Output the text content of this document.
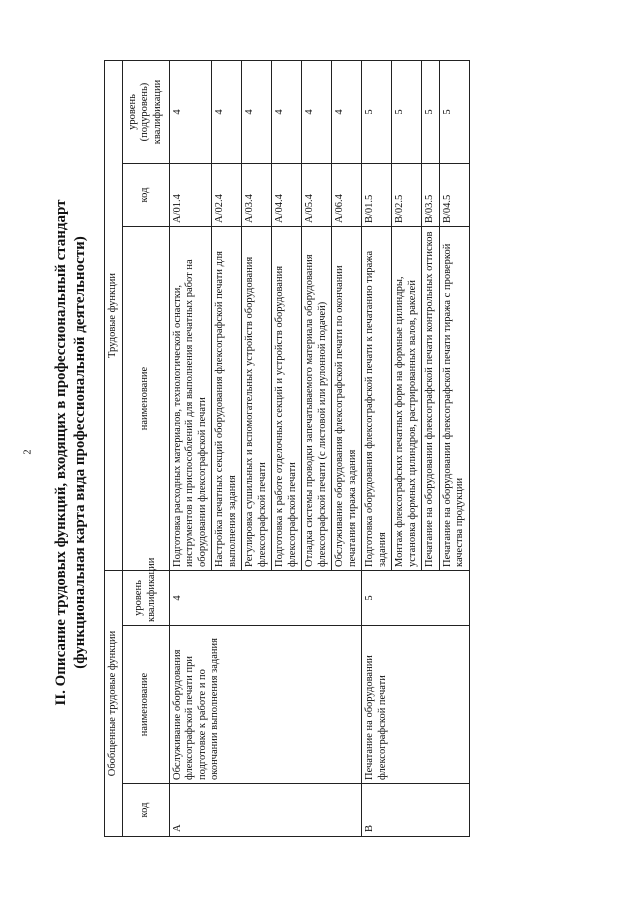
2 II. Описание трудовых функций, входящих в профессиональный стандарт (функциональная карта вида профессиональной деятельности)
Обобщенные трудовые функции			Трудовые функции		
код	наименование	уровень квалификации	наименование	код	уровень (подуровень) квалификации
A	Обслуживание оборудования флексографской печати при подготовке к работе и по окончании выполнения задания	4	Подготовка расходных материалов, технологической оснастки, инструментов и приспособлений для выполнения печатных работ на оборудовании флексографской печати	A/01.4	4
			Настройка печатных секций оборудования флексографской печати для выполнения задания	A/02.4	4
			Регулировка сушильных и вспомогательных устройств оборудования флексографской печати	A/03.4	4
			Подготовка к работе отделочных секций и устройств оборудования флексографской печати	A/04.4	4
			Отладка системы проводки запечатываемого материала оборудования флексографской печати (с листовой или рулонной подачей)	A/05.4	4
			Обслуживание оборудования флексографской печати по окончании печатания тиража задания	A/06.4	4
B	Печатание на оборудовании флексографской печати	5	Подготовка оборудования флексографской печати к печатанию тиража задания	B/01.5	5
			Монтаж флексографских печатных форм на формные цилиндры, установка формных цилиндров, растрированных валов, ракелей	B/02.5	5
			Печатание на оборудовании флексографской печати контрольных оттисков	B/03.5	5
			Печатание на оборудовании флексографской печати тиража с проверкой качества продукции	B/04.5	5
